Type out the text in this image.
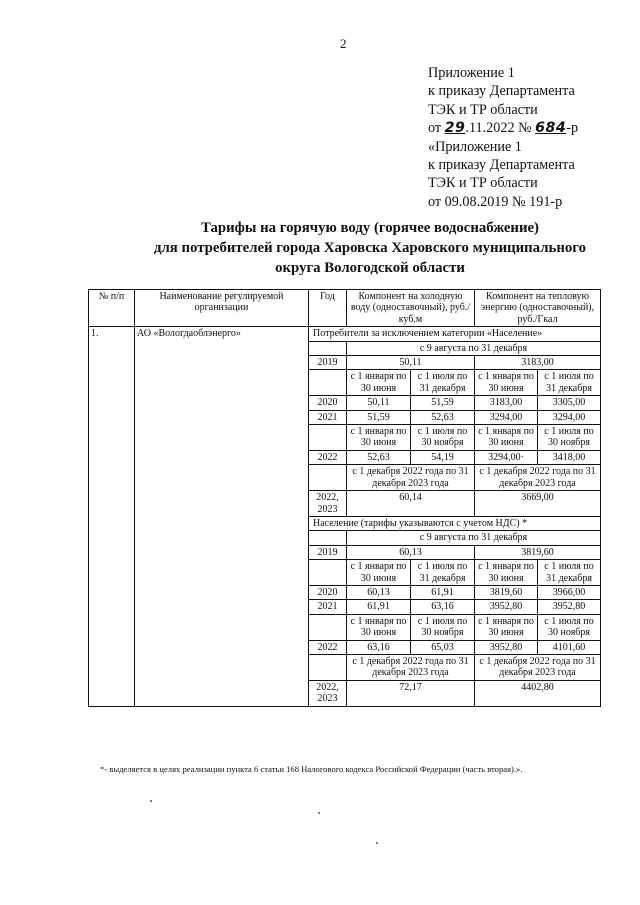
2
Приложение 1
к приказу Департамента
ТЭК и ТР области
от 29.11.2022 № 684-р
«Приложение 1
к приказу Департамента
ТЭК и ТР области
от 09.08.2019 № 191-р
Тарифы на горячую воду (горячее водоснабжение)
для потребителей города Харовска Харовского муниципального
округа Вологодской области
№ п/п	Наименование регулируемой организации	Год	Компонент на холодную воду (одноставочный), руб./куб.м		Компонент на тепловую энергию (одноставочный), руб./Гкал	
1.	АО «Вологдаоблэнерго»	Потребители за исключением категории «Население»				
			с 9 августа по 31 декабря			
		2019	50,11		3183,00	
			с 1 января по 30 июня	с 1 июля по 31 декабря	с 1 января по 30 июня	с 1 июля по 31 декабря
		2020	50,11	51,59	3183,00	3305,00
		2021	51,59	52,63	3294,00	3294,00
			с 1 января по 30 июня	с 1 июля по 30 ноября	с 1 января по 30 июня	с 1 июля по 30 ноября
		2022	52,63	54,19	3294,00·	3418,00
			с 1 декабря 2022 года по 31 декабря 2023 года		с 1 декабря 2022 года по 31 декабря 2023 года	
		2022, 2023	60,14		3669,00	
		Население (тарифы указываются с учетом НДС) *				
			с 9 августа по 31 декабря			
		2019	60,13		3819,60	
			с 1 января по 30 июня	с 1 июля по 31 декабря	с 1 января по 30 июня	с 1 июля по 31 декабря
		2020	60,13	61,91	3819,60	3966,00
		2021	61,91	63,16	3952,80	3952,80
			с 1 января по 30 июня	с 1 июля по 30 ноября	с 1 января по 30 июня	с 1 июля по 30 ноября
		2022	63,16	65,03	3952,80	4101,60
			с 1 декабря 2022 года по 31 декабря 2023 года		с 1 декабря 2022 года по 31 декабря 2023 года	
		2022, 2023	72,17		4402,80	
*- выделяется в целях реализации пункта 6 статьи 168 Налогового кодекса Российской Федерации (часть вторая).».
